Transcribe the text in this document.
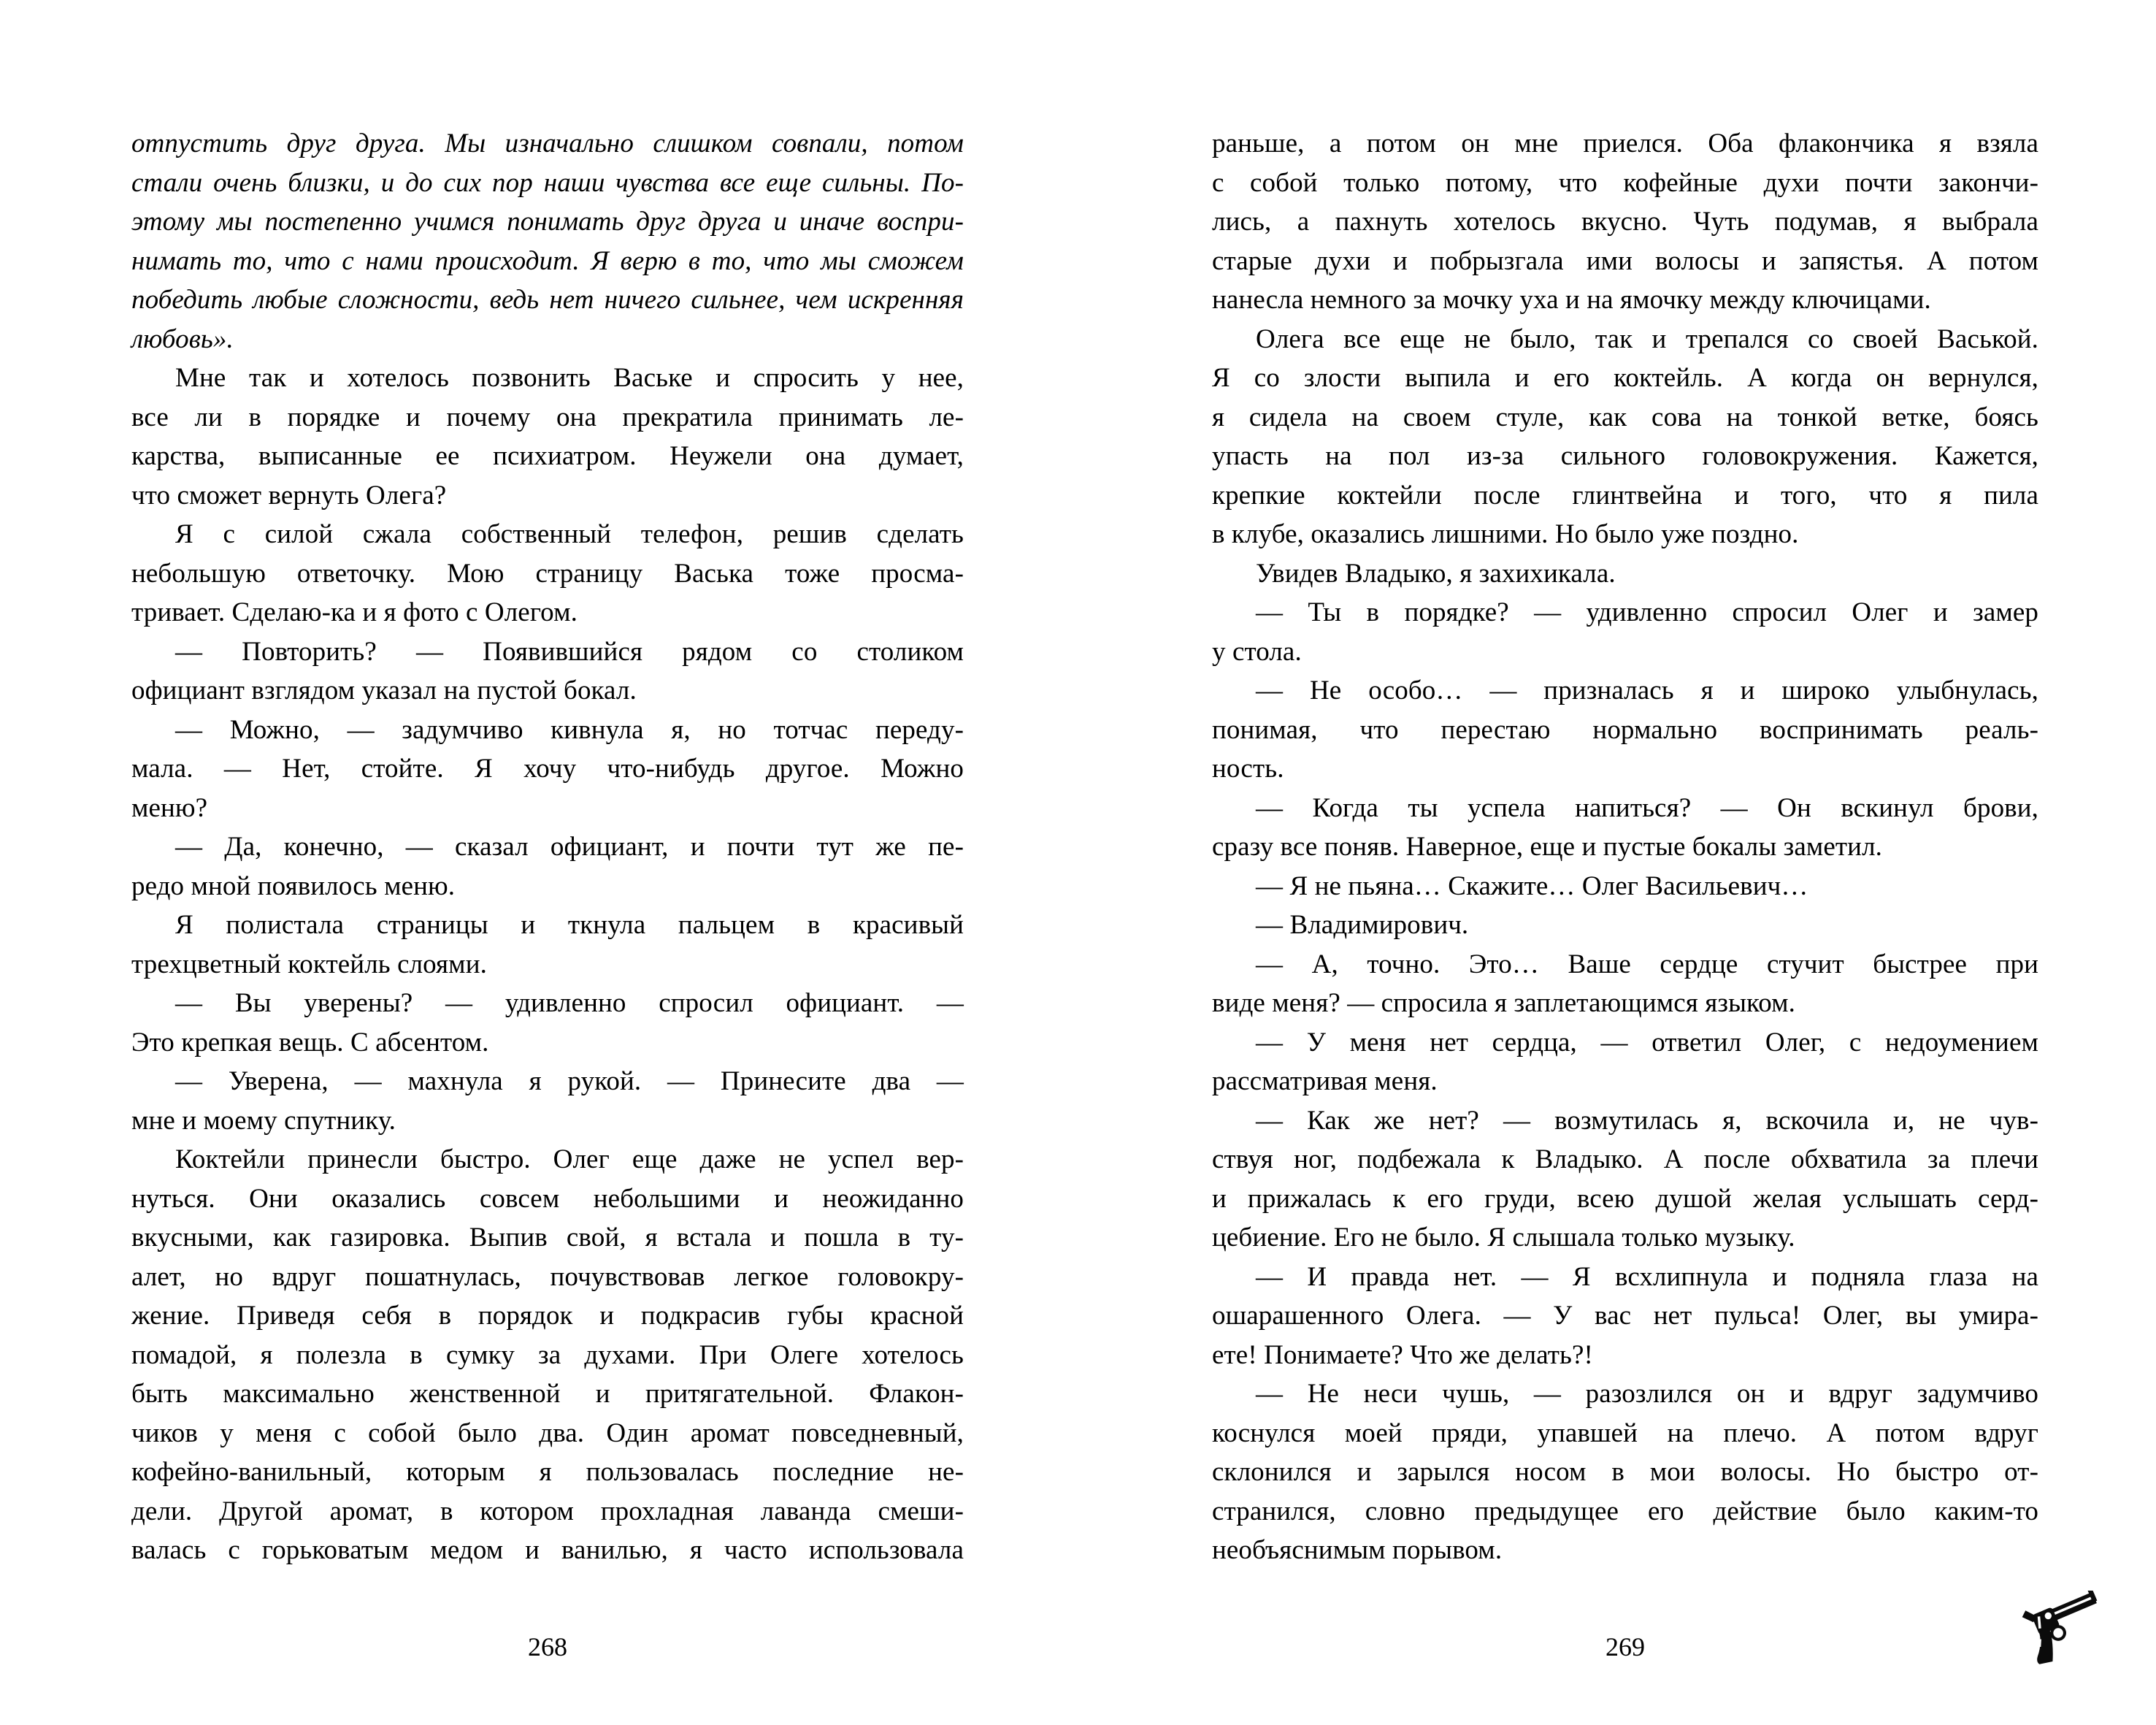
отпустить друг друга. Мы изначально слишком совпали, потом
стали очень близки, и до сих пор наши чувства все еще сильны. По-
этому мы постепенно учимся понимать друг друга и иначе воспри-
нимать то, что с нами происходит. Я верю в то, что мы сможем
победить любые сложности, ведь нет ничего сильнее, чем искренняя
любовь».
Мне так и хотелось позвонить Ваське и спросить у нее,
все ли в порядке и почему она прекратила принимать ле-
карства, выписанные ее психиатром. Неужели она думает,
что сможет вернуть Олега?
Я с силой сжала собственный телефон, решив сделать
небольшую ответочку. Мою страницу Васька тоже просма-
тривает. Сделаю-ка и я фото с Олегом.
— Повторить? — Появившийся рядом со столиком
официант взглядом указал на пустой бокал.
— Можно, — задумчиво кивнула я, но тотчас переду-
мала. — Нет, стойте. Я хочу что-нибудь другое. Можно
меню?
— Да, конечно, — сказал официант, и почти тут же пе-
редо мной появилось меню.
Я полистала страницы и ткнула пальцем в красивый
трехцветный коктейль слоями.
— Вы уверены? — удивленно спросил официант. —
Это крепкая вещь. С абсентом.
— Уверена, — махнула я рукой. — Принесите два —
мне и моему спутнику.
Коктейли принесли быстро. Олег еще даже не успел вер-
нуться. Они оказались совсем небольшими и неожиданно
вкусными, как газировка. Выпив свой, я встала и пошла в ту-
алет, но вдруг пошатнулась, почувствовав легкое головокру-
жение. Приведя себя в порядок и подкрасив губы красной
помадой, я полезла в сумку за духами. При Олеге хотелось
быть максимально женственной и притягательной. Флакон-
чиков у меня с собой было два. Один аромат повседневный,
кофейно-ванильный, которым я пользовалась последние не-
дели. Другой аромат, в котором прохладная лаванда смеши-
валась с горьковатым медом и ванилью, я часто использовала
раньше, а потом он мне приелся. Оба флакончика я взяла
с собой только потому, что кофейные духи почти закончи-
лись, а пахнуть хотелось вкусно. Чуть подумав, я выбрала
старые духи и побрызгала ими волосы и запястья. А потом
нанесла немного за мочку уха и на ямочку между ключицами.
Олега все еще не было, так и трепался со своей Васькой.
Я со злости выпила и его коктейль. А когда он вернулся,
я сидела на своем стуле, как сова на тонкой ветке, боясь
упасть на пол из-за сильного головокружения. Кажется,
крепкие коктейли после глинтвейна и того, что я пила
в клубе, оказались лишними. Но было уже поздно.
Увидев Владыко, я захихикала.
— Ты в порядке? — удивленно спросил Олег и замер
у стола.
— Не особо… — призналась я и широко улыбнулась,
понимая, что перестаю нормально воспринимать реаль-
ность.
— Когда ты успела напиться? — Он вскинул брови,
сразу все поняв. Наверное, еще и пустые бокалы заметил.
— Я не пьяна… Скажите… Олег Васильевич…
— Владимирович.
— А, точно. Это… Ваше сердце стучит быстрее при
виде меня? — спросила я заплетающимся языком.
— У меня нет сердца, — ответил Олег, с недоумением
рассматривая меня.
— Как же нет? — возмутилась я, вскочила и, не чув-
ствуя ног, подбежала к Владыко. А после обхватила за плечи
и прижалась к его груди, всею душой желая услышать серд-
цебиение. Его не было. Я слышала только музыку.
— И правда нет. — Я всхлипнула и подняла глаза на
ошарашенного Олега. — У вас нет пульса! Олег, вы умира-
ете! Понимаете? Что же делать?!
— Не неси чушь, — разозлился он и вдруг задумчиво
коснулся моей пряди, упавшей на плечо. А потом вдруг
склонился и зарылся носом в мои волосы. Но быстро от-
странился, словно предыдущее его действие было каким-то
необъяснимым порывом.
268	269
